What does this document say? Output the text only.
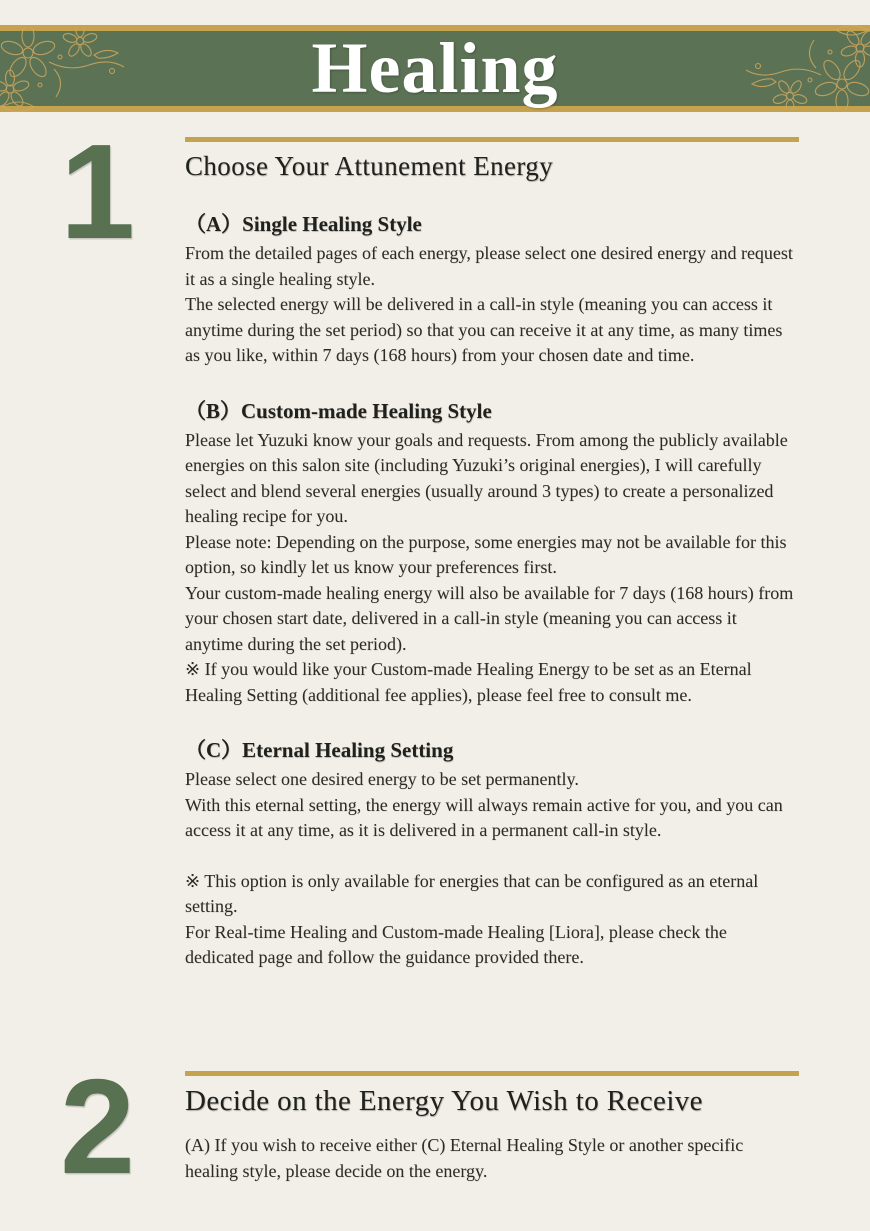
Healing
1 Choose Your Attunement Energy
（A）Single Healing Style

From the detailed pages of each energy, please select one desired energy and request it as a single healing style.

The selected energy will be delivered in a call-in style (meaning you can access it anytime during the set period) so that you can receive it at any time, as many times as you like, within 7 days (168 hours) from your chosen date and time.

（B）Custom-made Healing Style

Please let Yuzuki know your goals and requests. From among the publicly available energies on this salon site (including Yuzuki’s original energies), I will carefully select and blend several energies (usually around 3 types) to create a personalized healing recipe for you.

Please note: Depending on the purpose, some energies may not be available for this option, so kindly let us know your preferences first.

Your custom-made healing energy will also be available for 7 days (168 hours) from your chosen start date, delivered in a call-in style (meaning you can access it anytime during the set period).

※ If you would like your Custom-made Healing Energy to be set as an Eternal Healing Setting (additional fee applies), please feel free to consult me.

（C）Eternal Healing Setting

Please select one desired energy to be set permanently.

With this eternal setting, the energy will always remain active for you, and you can access it at any time, as it is delivered in a permanent call-in style.

※ This option is only available for energies that can be configured as an eternal setting.

For Real-time Healing and Custom-made Healing [Liora], please check the dedicated page and follow the guidance provided there.

2 Decide on the Energy You Wish to Receive

(A) If you wish to receive either (C) Eternal Healing Style or another specific healing style, please decide on the energy.
